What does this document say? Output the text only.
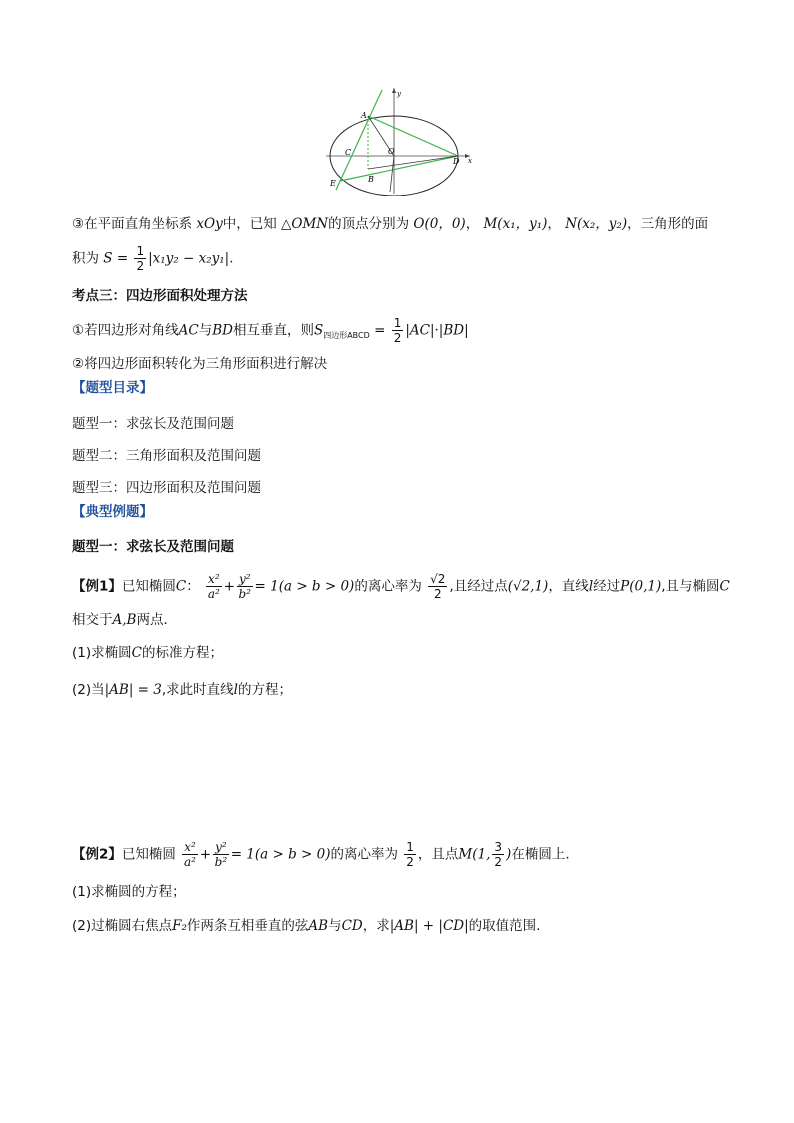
y
x
A
C	O
D
E	B
③在平面直角坐标系 xOy中，已知 △OMN的顶点分别为 O(0，0)， M(x₁，y₁)， N(x₂，y₂)，三角形的面
积为 $S = \frac{1}{2} |x_1y_2 - x_2y_1|$.
考点三：四边形面积处理方法
①若四边形对角线AC与BD相互垂直，则$S_{四边形ABCD} = \frac{1}{2} |AC|\cdot|BD|$
②将四边形面积转化为三角形面积进行解决
【题型目录】
题型一：求弦长及范围问题
题型二：三角形面积及范围问题
题型三：四边形面积及范围问题
【典型例题】
题型一：求弦长及范围问题
【例1】已知椭圆C： $\frac{\text{x²}}{\text{a²}} + \frac{\text{y²}}{\text{b²}} = 1(a > b > 0)$的离心率为 $\frac{√2}{2}$ ,且经过点(√2,1)，直线l经过P(0,1),且与椭圆C
相交于A,B两点．
(1)求椭圆C的标准方程；
(2)当|AB| = 3,求此时直线l的方程；
【例2】已知椭圆 $\frac{\text{x²}}{\text{a²}} + \frac{\text{y²}}{\text{b²}} = 1(a > b > 0)$的离心率为 $\frac{1}{2}$ ，且点M(1, $\frac{3}{2}$ )在椭圆上.
(1)求椭圆的方程；
(2)过椭圆右焦点F₂作两条互相垂直的弦AB与CD，求|AB| + |CD|的取值范围.
